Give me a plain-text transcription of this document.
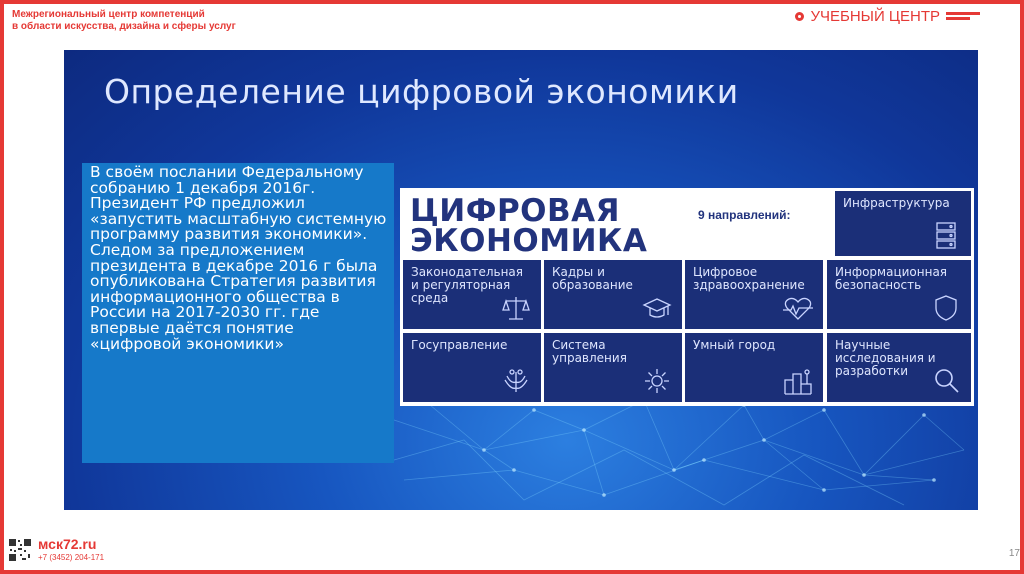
Межрегиональный центр компетенций
в области искусства, дизайна и сферы услуг
УЧЕБНЫЙ ЦЕНТР
Определение цифровой экономики

В своём послании Федеральному собранию 1 декабря 2016г. Президент РФ предложил «запустить масштабную системную программу развития экономики». Следом за предложением президента в декабре 2016 г была опубликована Стратегия развития информационного общества в России на 2017-2030 гг. где впервые даётся понятие «цифровой экономики»

ЦИФРОВАЯ
ЭКОНОМИКА
9 направлений:
Инфраструктура
Законодательная и регуляторная среда
Кадры и образование
Цифровое здравоохранение
Информационная безопасность
Госуправление	Система управления
Умный город	Научные исследования и разработки
мск72.ru
+7 (3452) 204-171	17
